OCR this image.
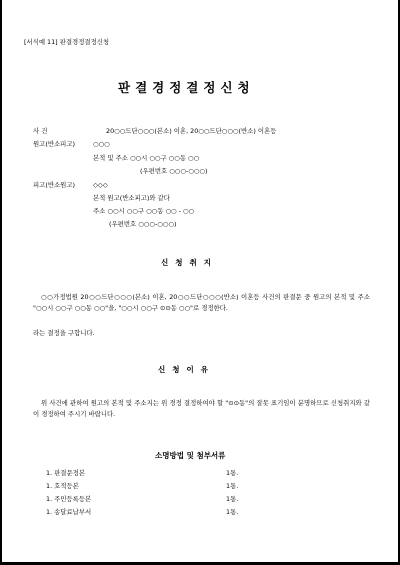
[서식예 11] 판결경정결정신청
판결경정결정신청
사 건	20○○드단○○○(본소) 이혼, 20○○드단○○○(반소) 이혼등
원고(반소피고)	○○○
본적 및 주소 ○○시 ○○구 ○○동 ○○
(우편번호 ○○○-○○○)
피고(반소원고)	◇◇◇
본적 원고(반소피고)와 같다
주소 ○○시 ○○구 ○○동 ○○ - ○○
(우편번호 ○○○-○○○)
신청취지
○○가정법원 20○○드단○○○(본소) 이혼, 20○○드단○○○(반소) 이혼등 사건의 판결문 중 원고의 본적 및 주소 "○○시 ○○구 ○○동 ○○"을, "○○시 ○○구 ⊙⊙동 ○○"로 경정한다.
라는 결정을 구합니다.
신청이유
위 사건에 관하여 원고의 본적 및 주소지는 위 경정 결정하여야 할 "⊙⊙동"의 잘못 표기임이 분명하므로 신청취지와 같이 경정하여 주시기 바랍니다.
소명방법 및 첨부서류
1. 판결문정본	1통.
1. 호적등본	1통.
1. 주민등록등본	1통.
1. 송달료납부서	1통.
